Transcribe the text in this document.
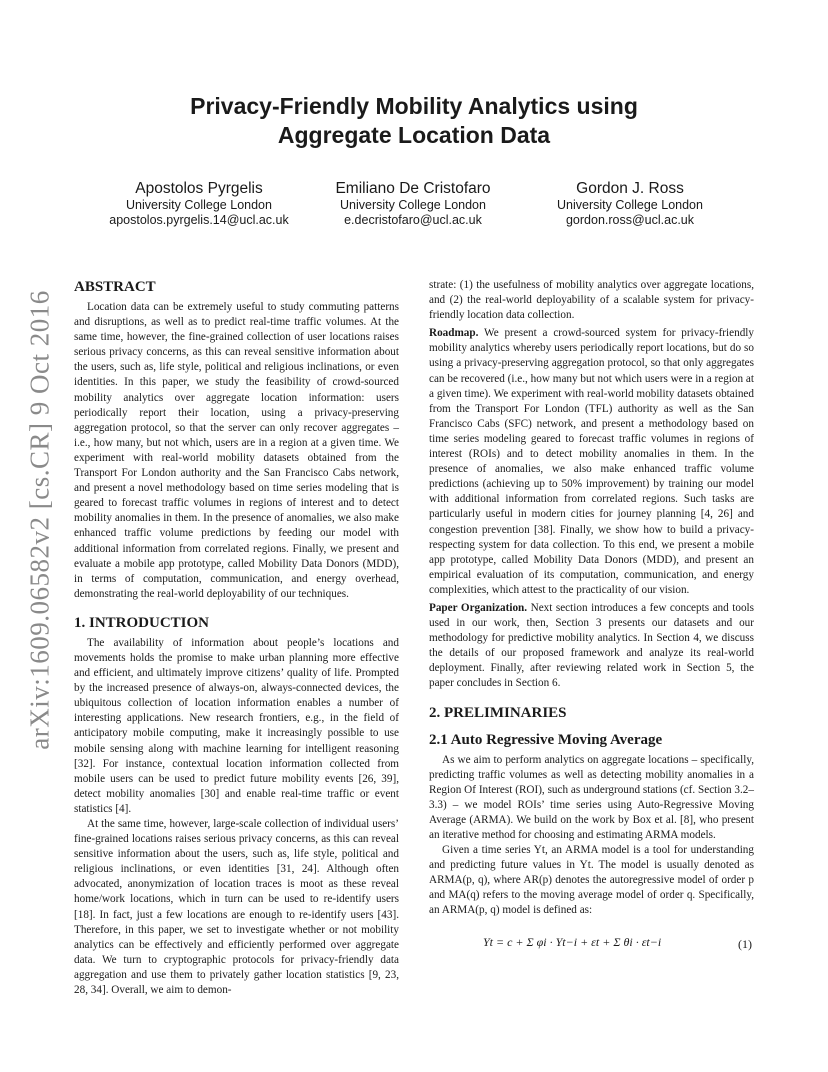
arXiv:1609.06582v2 [cs.CR] 9 Oct 2016
Privacy-Friendly Mobility Analytics using
Aggregate Location Data
Apostolos Pyrgelis
University College London
apostolos.pyrgelis.14@ucl.ac.uk
Emiliano De Cristofaro
University College London
e.decristofaro@ucl.ac.uk
Gordon J. Ross
University College London
gordon.ross@ucl.ac.uk
ABSTRACT

Location data can be extremely useful to study commuting patterns and disruptions, as well as to predict real-time traffic volumes. At the same time, however, the fine-grained collection of user locations raises serious privacy concerns, as this can reveal sensitive information about the users, such as, life style, political and religious inclinations, or even identities. In this paper, we study the feasibility of crowd-sourced mobility analytics over aggregate location information: users periodically report their location, using a privacy-preserving aggregation protocol, so that the server can only recover aggregates – i.e., how many, but not which, users are in a region at a given time. We experiment with real-world mobility datasets obtained from the Transport For London authority and the San Francisco Cabs network, and present a novel methodology based on time series modeling that is geared to forecast traffic volumes in regions of interest and to detect mobility anomalies in them. In the presence of anomalies, we also make enhanced traffic volume predictions by feeding our model with additional information from correlated regions. Finally, we present and evaluate a mobile app prototype, called Mobility Data Donors (MDD), in terms of computation, communication, and energy overhead, demonstrating the real-world deployability of our techniques.

1. INTRODUCTION

The availability of information about people’s locations and movements holds the promise to make urban planning more effective and efficient, and ultimately improve citizens’ quality of life. Prompted by the increased presence of always-on, always-connected devices, the ubiquitous collection of location information enables a number of interesting applications. New research frontiers, e.g., in the field of anticipatory mobile computing, make it increasingly possible to use mobile sensing along with machine learning for intelligent reasoning [32]. For instance, contextual location information collected from mobile users can be used to predict future mobility events [26, 39], detect mobility anomalies [30] and enable real-time traffic or event statistics [4].

At the same time, however, large-scale collection of individual users’ fine-grained locations raises serious privacy concerns, as this can reveal sensitive information about the users, such as, life style, political and religious inclinations, or even identities [31, 24]. Although often advocated, anonymization of location traces is moot as these reveal home/work locations, which in turn can be used to re-identify users [18]. In fact, just a few locations are enough to re-identify users [43]. Therefore, in this paper, we set to investigate whether or not mobility analytics can be effectively and efficiently performed over aggregate data. We turn to cryptographic protocols for privacy-friendly data aggregation and use them to privately gather location statistics [9, 23, 28, 34]. Overall, we aim to demon-

strate: (1) the usefulness of mobility analytics over aggregate locations, and (2) the real-world deployability of a scalable system for privacy-friendly location data collection.

Roadmap. We present a crowd-sourced system for privacy-friendly mobility analytics whereby users periodically report locations, but do so using a privacy-preserving aggregation protocol, so that only aggregates can be recovered (i.e., how many but not which users were in a region at a given time). We experiment with real-world mobility datasets obtained from the Transport For London (TFL) authority as well as the San Francisco Cabs (SFC) network, and present a methodology based on time series modeling geared to forecast traffic volumes in regions of interest (ROIs) and to detect mobility anomalies in them. In the presence of anomalies, we also make enhanced traffic volume predictions (achieving up to 50% improvement) by training our model with additional information from correlated regions. Such tasks are particularly useful in modern cities for journey planning [4, 26] and congestion prevention [38]. Finally, we show how to build a privacy-respecting system for data collection. To this end, we present a mobile app prototype, called Mobility Data Donors (MDD), and present an empirical evaluation of its computation, communication, and energy complexities, which attest to the practicality of our vision.

Paper Organization. Next section introduces a few concepts and tools used in our work, then, Section 3 presents our datasets and our methodology for predictive mobility analytics. In Section 4, we discuss the details of our proposed framework and analyze its real-world deployment. Finally, after reviewing related work in Section 5, the paper concludes in Section 6.

2. PRELIMINARIES
2.1 Auto Regressive Moving Average

As we aim to perform analytics on aggregate locations – specifically, predicting traffic volumes as well as detecting mobility anomalies in a Region Of Interest (ROI), such as underground stations (cf. Section 3.2–3.3) – we model ROIs’ time series using Auto-Regressive Moving Average (ARMA). We build on the work by Box et al. [8], who present an iterative method for choosing and estimating ARMA models.

Given a time series Yt, an ARMA model is a tool for understanding and predicting future values in Yt. The model is usually denoted as ARMA(p, q), where AR(p) denotes the autoregressive model of order p and MA(q) refers to the moving average model of order q. Specifically, an ARMA(p, q) model is defined as:

Yt = c + Σ φi · Yt−i + εt + Σ θi · εt−i	(1)
